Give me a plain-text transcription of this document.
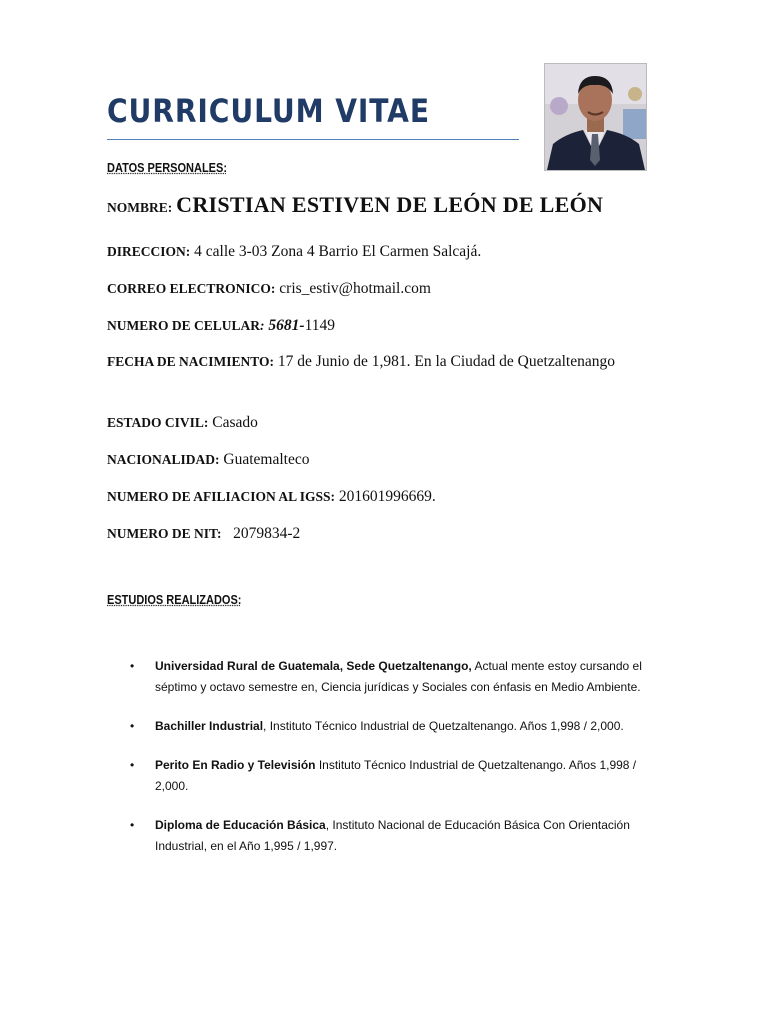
CURRICULUM VITAE
DATOS PERSONALES:
NOMBRE: CRISTIAN ESTIVEN DE LEÓN DE LEÓN
DIRECCION: 4 calle 3-03 Zona 4 Barrio El Carmen Salcajá.
CORREO ELECTRONICO: cris_estiv@hotmail.com
NUMERO DE CELULAR: 5681-1149
FECHA DE NACIMIENTO: 17 de Junio de 1,981. En la Ciudad de Quetzaltenango
ESTADO CIVIL: Casado
NACIONALIDAD: Guatemalteco
NUMERO DE AFILIACION AL IGSS: 201601996669.
NUMERO DE NIT: 2079834-2
ESTUDIOS REALIZADOS:
• Universidad Rural de Guatemala, Sede Quetzaltenango, Actual mente estoy cursando el séptimo y octavo semestre en, Ciencia jurídicas y Sociales con énfasis en Medio Ambiente.
• Bachiller Industrial, Instituto Técnico Industrial de Quetzaltenango. Años 1,998 / 2,000.
• Perito En Radio y Televisión Instituto Técnico Industrial de Quetzaltenango. Años 1,998 / 2,000.
• Diploma de Educación Básica, Instituto Nacional de Educación Básica Con Orientación Industrial, en el Año 1,995 / 1,997.
